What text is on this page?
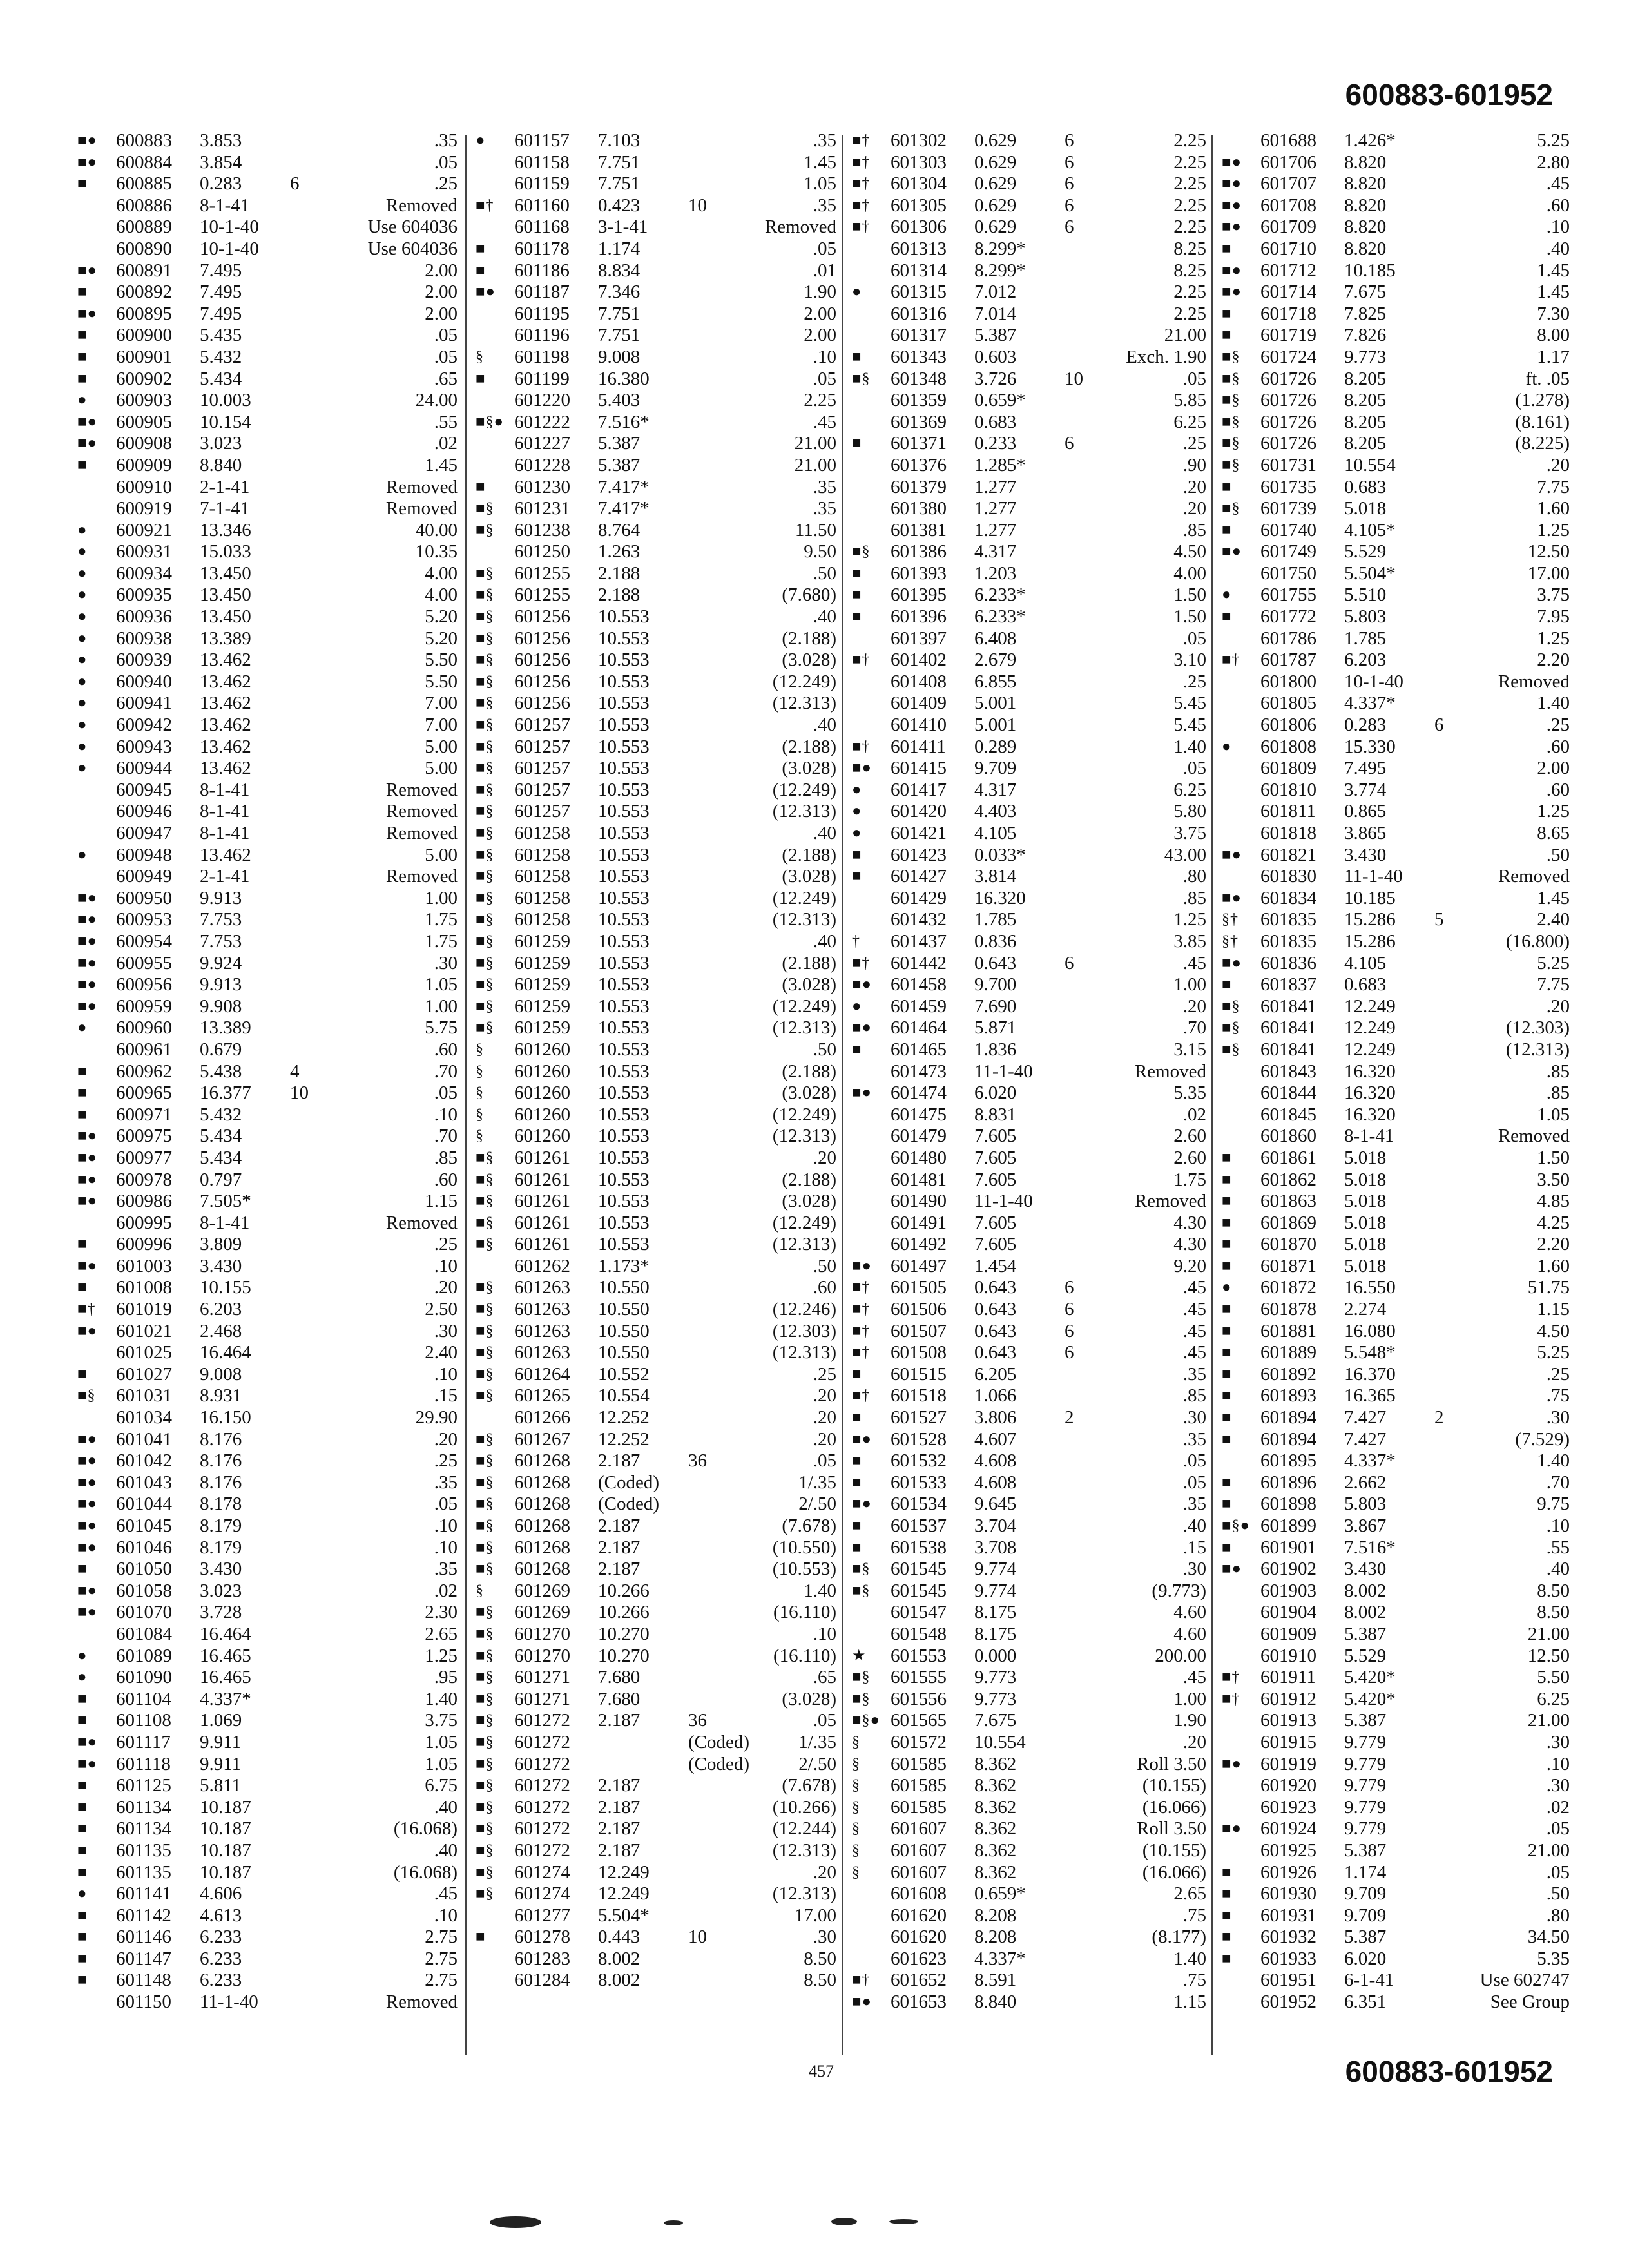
600883-601952
■●	600883 3.853	.35
■●	600884 3.854	.05
■	600885 0.283	6	.25
600886 8-1-41	Removed
600889 10-1-40	Use 604036
600890 10-1-40	Use 604036
■●	600891 7.495	2.00
■	600892 7.495	2.00
■●	600895 7.495	2.00
■	600900 5.435	.05
■	600901 5.432	.05
■	600902 5.434	.65
●	600903 10.003	24.00
■●	600905 10.154	.55
■●	600908 3.023	.02
■	600909 8.840	1.45
600910 2-1-41	Removed
600919 7-1-41	Removed
●	600921 13.346	40.00
●	600931 15.033	10.35
●	600934 13.450	4.00
●	600935 13.450	4.00
●	600936 13.450	5.20
●	600938 13.389	5.20
●	600939 13.462	5.50
●	600940 13.462	5.50
●	600941 13.462	7.00
●	600942 13.462	7.00
●	600943 13.462	5.00
●	600944 13.462	5.00
600945 8-1-41	Removed
600946 8-1-41	Removed
600947 8-1-41	Removed
●	600948 13.462	5.00
600949 2-1-41	Removed
■●	600950 9.913	1.00
■●	600953 7.753	1.75
■●	600954 7.753	1.75
■●	600955 9.924	.30
■●	600956 9.913	1.05
■●	600959 9.908	1.00
●	600960 13.389	5.75
600961 0.679	.60
■	600962 5.438	4	.70
■	600965 16.377 10	.05
■	600971 5.432	.10
■●	600975 5.434	.70
■●	600977 5.434	.85
■●	600978 0.797	.60
■●	600986 7.505*	1.15
600995 8-1-41	Removed
■	600996 3.809	.25
■●	601003 3.430	.10
■	601008 10.155	.20
■†	601019 6.203	2.50
■●	601021 2.468	.30
601025 16.464	2.40
■	601027 9.008	.10
■§	601031 8.931	.15
601034 16.150	29.90
■●	601041 8.176	.20
■●	601042 8.176	.25
■●	601043 8.176	.35
■●	601044 8.178	.05
■●	601045 8.179	.10
■●	601046 8.179	.10
■	601050 3.430	.35
■●	601058 3.023	.02
■●	601070 3.728	2.30
601084 16.464	2.65
●	601089 16.465	1.25
●	601090 16.465	.95
■	601104 4.337*	1.40
■	601108 1.069	3.75
■●	601117 9.911	1.05
■●	601118 9.911	1.05
■	601125 5.811	6.75
■	601134 10.187	.40
■	601134 10.187	(16.068)
■	601135 10.187	.40
■	601135 10.187	(16.068)
●	601141 4.606	.45
■	601142 4.613	.10
■	601146 6.233	2.75
■	601147 6.233	2.75
■	601148 6.233	2.75
601150 11-1-40	Removed
●	601157 7.103	.35
601158 7.751	1.45
601159 7.751	1.05
■†	601160 0.423	10	.35
601168 3-1-41	Removed
■	601178 1.174	.05
■	601186 8.834	.01
■●	601187 7.346	1.90
601195 7.751	2.00
601196 7.751	2.00
§	601198 9.008	.10
■	601199 16.380	.05
601220 5.403	2.25
■§● 601222 7.516*	.45
601227 5.387	21.00
601228 5.387	21.00
■	601230 7.417*	.35
■§	601231 7.417*	.35
■§	601238 8.764	11.50
601250 1.263	9.50
■§	601255 2.188	.50
■§	601255 2.188	(7.680)
■§	601256 10.553	.40
■§	601256 10.553	(2.188)
■§	601256 10.553	(3.028)
■§	601256 10.553	(12.249)
■§	601256 10.553	(12.313)
■§	601257 10.553	.40
■§	601257 10.553	(2.188)
■§	601257 10.553	(3.028)
■§	601257 10.553	(12.249)
■§	601257 10.553	(12.313)
■§	601258 10.553	.40
■§	601258 10.553	(2.188)
■§	601258 10.553	(3.028)
■§	601258 10.553	(12.249)
■§	601258 10.553	(12.313)
■§	601259 10.553	.40
■§	601259 10.553	(2.188)
■§	601259 10.553	(3.028)
■§	601259 10.553	(12.249)
■§	601259 10.553	(12.313)
§	601260 10.553	.50
§	601260 10.553	(2.188)
§	601260 10.553	(3.028)
§	601260 10.553	(12.249)
§	601260 10.553	(12.313)
■§	601261 10.553	.20
■§	601261 10.553	(2.188)
■§	601261 10.553	(3.028)
■§	601261 10.553	(12.249)
■§	601261 10.553	(12.313)
601262 1.173*	.50
■§	601263 10.550	.60
■§	601263 10.550	(12.246)
■§	601263 10.550	(12.303)
■§	601263 10.550	(12.313)
■§	601264 10.552	.25
■§	601265 10.554	.20
601266 12.252	.20
■§	601267 12.252	.20
■§	601268 2.187	36	.05
■§	601268 (Coded)	1/.35
■§	601268 (Coded)	2/.50
■§	601268 2.187	(7.678)
■§	601268 2.187	(10.550)
■§	601268 2.187	(10.553)
§	601269 10.266	1.40
■§	601269 10.266	(16.110)
■§	601270 10.270	.10
■§	601270 10.270	(16.110)
■§	601271 7.680	.65
■§	601271 7.680	(3.028)
■§	601272 2.187	36	.05
■§	601272	(Coded)	1/.35
■§	601272	(Coded)	2/.50
■§	601272 2.187	(7.678)
■§	601272 2.187	(10.266)
■§	601272 2.187	(12.244)
■§	601272 2.187	(12.313)
■§	601274 12.249	.20
■§	601274 12.249	(12.313)
601277 5.504*	17.00
■	601278 0.443	10	.30
601283 8.002	8.50
601284 8.002	8.50
■†	601302 0.629	6	2.25
■†	601303 0.629	6	2.25
■†	601304 0.629	6	2.25
■†	601305 0.629	6	2.25
■†	601306 0.629	6	2.25
601313 8.299*	8.25
601314 8.299*	8.25
●	601315 7.012	2.25
601316 7.014	2.25
601317 5.387	21.00
■	601343 0.603	Exch. 1.90
■§	601348 3.726	10	.05
601359 0.659*	5.85
601369 0.683	6.25
■	601371 0.233	6	.25
601376 1.285*	.90
601379 1.277	.20
601380 1.277	.20
601381 1.277	.85
■§	601386 4.317	4.50
■	601393 1.203	4.00
■	601395 6.233*	1.50
■	601396 6.233*	1.50
601397 6.408	.05
■†	601402 2.679	3.10
601408 6.855	.25
601409 5.001	5.45
601410 5.001	5.45
■†	601411 0.289	1.40
■●	601415 9.709	.05
●	601417 4.317	6.25
●	601420 4.403	5.80
●	601421 4.105	3.75
■	601423 0.033*	43.00
■	601427 3.814	.80
601429 16.320	.85
601432 1.785	1.25
†	601437 0.836	3.85
■†	601442 0.643	6	.45
■●	601458 9.700	1.00
●	601459 7.690	.20
■●	601464 5.871	.70
■	601465 1.836	3.15
601473 11-1-40	Removed
■●	601474 6.020	5.35
601475 8.831	.02
601479 7.605	2.60
601480 7.605	2.60
601481 7.605	1.75
601490 11-1-40	Removed
601491 7.605	4.30
601492 7.605	4.30
■●	601497 1.454	9.20
■†	601505 0.643	6	.45
■†	601506 0.643	6	.45
■†	601507 0.643	6	.45
■†	601508 0.643	6	.45
■	601515 6.205	.35
■†	601518 1.066	.85
■	601527 3.806	2	.30
■●	601528 4.607	.35
■	601532 4.608	.05
■	601533 4.608	.05
■●	601534 9.645	.35
■	601537 3.704	.40
■	601538 3.708	.15
■§	601545 9.774	.30
■§	601545 9.774	(9.773)
601547 8.175	4.60
601548 8.175	4.60
★	601553 0.000	200.00
■§	601555 9.773	.45
■§	601556 9.773	1.00
■§● 601565 7.675	1.90
§	601572 10.554	.20
§	601585 8.362	Roll 3.50
§	601585 8.362	(10.155)
§	601585 8.362	(16.066)
§	601607 8.362	Roll 3.50
§	601607 8.362	(10.155)
§	601607 8.362	(16.066)
601608 0.659*	2.65
601620 8.208	.75
601620 8.208	(8.177)
601623 4.337*	1.40
■†	601652 8.591	.75
■●	601653 8.840	1.15
601688 1.426*	5.25
■●	601706 8.820	2.80
■●	601707 8.820	.45
■●	601708 8.820	.60
■●	601709 8.820	.10
■	601710 8.820	.40
■●	601712 10.185	1.45
■●	601714 7.675	1.45
■	601718 7.825	7.30
■	601719 7.826	8.00
■§	601724 9.773	1.17
■§	601726 8.205	ft. .05
■§	601726 8.205	(1.278)
■§	601726 8.205	(8.161)
■§	601726 8.205	(8.225)
■§	601731 10.554	.20
■	601735 0.683	7.75
■§	601739 5.018	1.60
■	601740 4.105*	1.25
■●	601749 5.529	12.50
601750 5.504*	17.00
●	601755 5.510	3.75
■	601772 5.803	7.95
601786 1.785	1.25
■†	601787 6.203	2.20
601800 10-1-40	Removed
601805 4.337*	1.40
601806 0.283	6	.25
●	601808 15.330	.60
601809 7.495	2.00
601810 3.774	.60
601811 0.865	1.25
601818 3.865	8.65
■●	601821 3.430	.50
601830 11-1-40	Removed
■●	601834 10.185	1.45
§†	601835 15.286 5	2.40
§†	601835 15.286	(16.800)
■●	601836 4.105	5.25
■	601837 0.683	7.75
■§	601841 12.249	.20
■§	601841 12.249	(12.303)
■§	601841 12.249	(12.313)
601843 16.320	.85
601844 16.320	.85
601845 16.320	1.05
601860 8-1-41	Removed
■	601861 5.018	1.50
■	601862 5.018	3.50
■	601863 5.018	4.85
■	601869 5.018	4.25
■	601870 5.018	2.20
■	601871 5.018	1.60
●	601872 16.550	51.75
■	601878 2.274	1.15
■	601881 16.080	4.50
■	601889 5.548*	5.25
■	601892 16.370	.25
■	601893 16.365	.75
■	601894 7.427	2	.30
■	601894 7.427	(7.529)
601895 4.337*	1.40
■	601896 2.662	.70
■	601898 5.803	9.75
■§● 601899 3.867	.10
■	601901 7.516*	.55
■●	601902 3.430	.40
601903 8.002	8.50
601904 8.002	8.50
601909 5.387	21.00
601910 5.529	12.50
■†	601911 5.420*	5.50
■†	601912 5.420*	6.25
601913 5.387	21.00
601915 9.779	.30
■●	601919 9.779	.10
601920 9.779	.30
601923 9.779	.02
■●	601924 9.779	.05
601925 5.387	21.00
■	601926 1.174	.05
■	601930 9.709	.50
■	601931 9.709	.80
■	601932 5.387	34.50
■	601933 6.020	5.35
601951 6-1-41	Use 602747
601952 6.351	See Group
457	600883-601952
